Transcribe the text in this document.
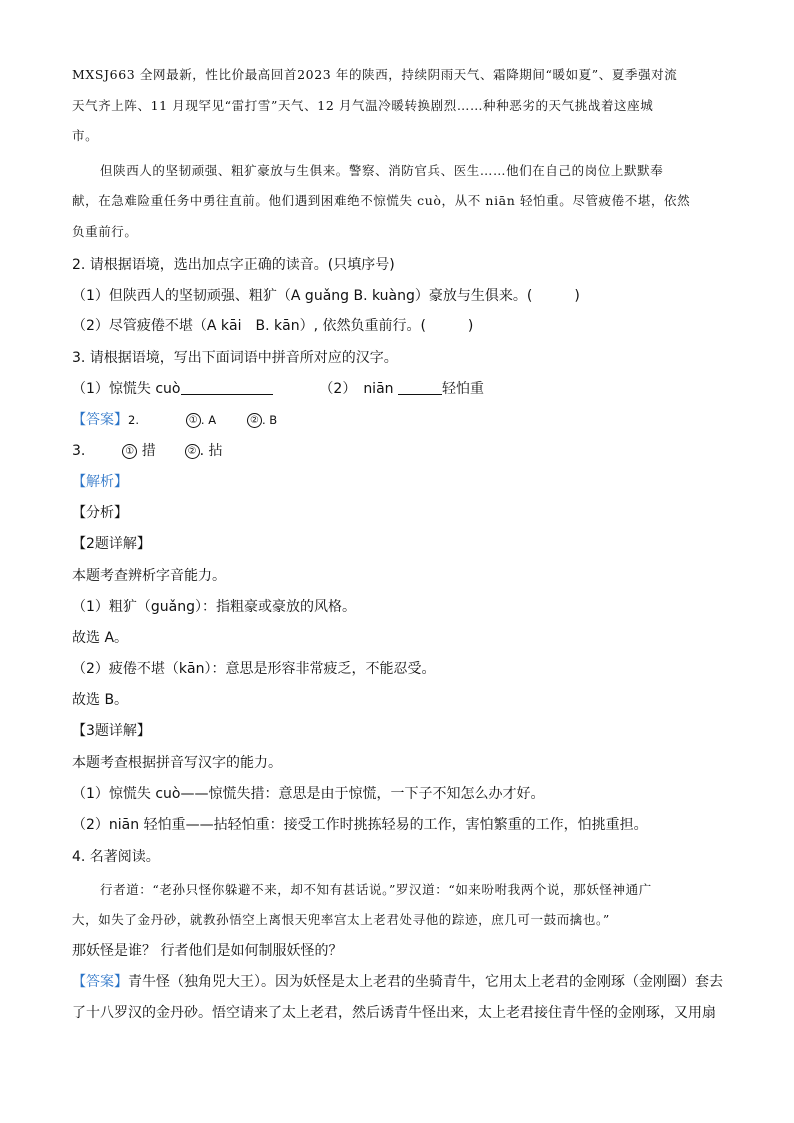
MXSJ663 全网最新，性比价最高回首2023 年的陕西，持续阴雨天气、霜降期间“暖如夏”、夏季强对流
天气齐上阵、11 月现罕见“雷打雪”天气、12 月气温冷暖转换剧烈……种种恶劣的天气挑战着这座城
市。
但陕西人的坚韧顽强、粗犷豪放与生俱来。警察、消防官兵、医生……他们在自己的岗位上默默奉
献，在急难险重任务中勇往直前。他们遇到困难绝不惊慌失 cuò，从不 niān 轻怕重。尽管疲倦不堪，依然
负重前行。
2. 请根据语境，选出加点字正确的读音。(只填序号)
（1）但陕西人的坚韧顽强、粗犷（A guǎng B. kuàng）豪放与生俱来。(　　　)
（2）尽管疲倦不堪（A kāi　B. kān）, 依然负重前行。(　　　)
3. 请根据语境，写出下面词语中拼音所对应的汉字。
（1）惊慌失 cuò	（2）　niān	轻怕重
【答案】2.	① . A	② . B
3.	① 措	② . 拈
【解析】
【分析】
【2题详解】
本题考查辨析字音能力。
（1）粗犷（guǎng）：指粗豪或豪放的风格。
故选 A。
（2）疲倦不堪（kān）：意思是形容非常疲乏，不能忍受。
故选 B。
【3题详解】
本题考查根据拼音写汉字的能力。
（1）惊慌失 cuò——惊慌失措：意思是由于惊慌，一下子不知怎么办才好。
（2）niān 轻怕重——拈轻怕重：接受工作时挑拣轻易的工作，害怕繁重的工作，怕挑重担。
4. 名著阅读。
行者道：“老孙只怪你躲避不来，却不知有甚话说。”罗汉道：“如来吩咐我两个说，那妖怪神通广
大，如失了金丹砂，就教孙悟空上离恨天兜率宫太上老君处寻他的踪迹，庶几可一鼓而擒也。”
那妖怪是谁？ 行者他们是如何制服妖怪的？
【答案】青牛怪（独角兕大王）。因为妖怪是太上老君的坐骑青牛，它用太上老君的金刚琢（金刚圈）套去
了十八罗汉的金丹砂。悟空请来了太上老君，然后诱青牛怪出来，太上老君接住青牛怪的金刚琢，又用扇
